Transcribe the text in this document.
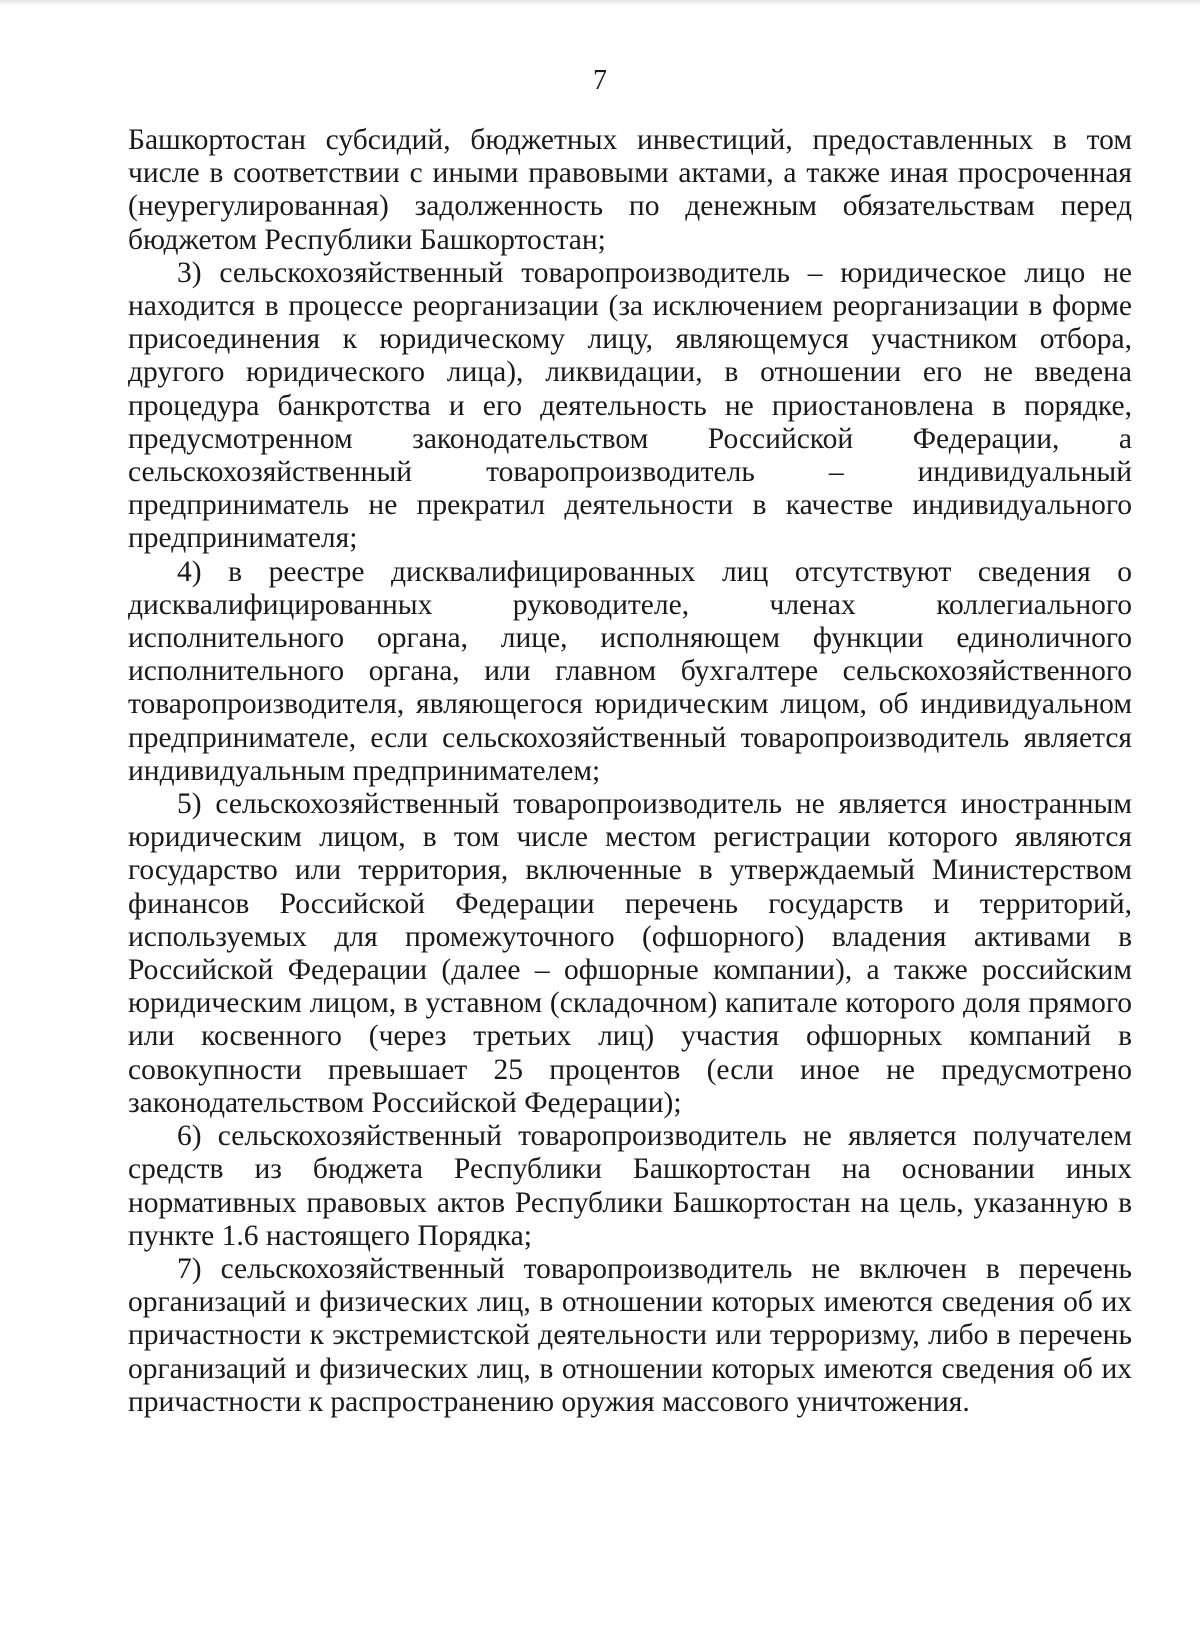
7

Башкортостан субсидий, бюджетных инвестиций, предоставленных в том числе в соответствии с иными правовыми актами, а также иная просроченная (неурегулированная) задолженность по денежным обязательствам перед бюджетом Республики Башкортостан;

3) сельскохозяйственный товаропроизводитель – юридическое лицо не находится в процессе реорганизации (за исключением реорганизации в форме присоединения к юридическому лицу, являющемуся участником отбора, другого юридического лица), ликвидации, в отношении его не введена процедура банкротства и его деятельность не приостановлена в порядке, предусмотренном законодательством Российской Федерации, а сельскохозяйственный товаропроизводитель – индивидуальный предприниматель не прекратил деятельности в качестве индивидуального предпринимателя;

4) в реестре дисквалифицированных лиц отсутствуют сведения о дисквалифицированных руководителе, членах коллегиального исполнительного органа, лице, исполняющем функции единоличного исполнительного органа, или главном бухгалтере сельскохозяйственного товаропроизводителя, являющегося юридическим лицом, об индивидуальном предпринимателе, если сельскохозяйственный товаропроизводитель является индивидуальным предпринимателем;

5) сельскохозяйственный товаропроизводитель не является иностранным юридическим лицом, в том числе местом регистрации которого являются государство или территория, включенные в утверждаемый Министерством финансов Российской Федерации перечень государств и территорий, используемых для промежуточного (офшорного) владения активами в Российской Федерации (далее – офшорные компании), а также российским юридическим лицом, в уставном (складочном) капитале которого доля прямого или косвенного (через третьих лиц) участия офшорных компаний в совокупности превышает 25 процентов (если иное не предусмотрено законодательством Российской Федерации);

6) сельскохозяйственный товаропроизводитель не является получателем средств из бюджета Республики Башкортостан на основании иных нормативных правовых актов Республики Башкортостан на цель, указанную в пункте 1.6 настоящего Порядка;

7) сельскохозяйственный товаропроизводитель не включен в перечень организаций и физических лиц, в отношении которых имеются сведения об их причастности к экстремистской деятельности или терроризму, либо в перечень организаций и физических лиц, в отношении которых имеются сведения об их причастности к распространению оружия массового уничтожения.
